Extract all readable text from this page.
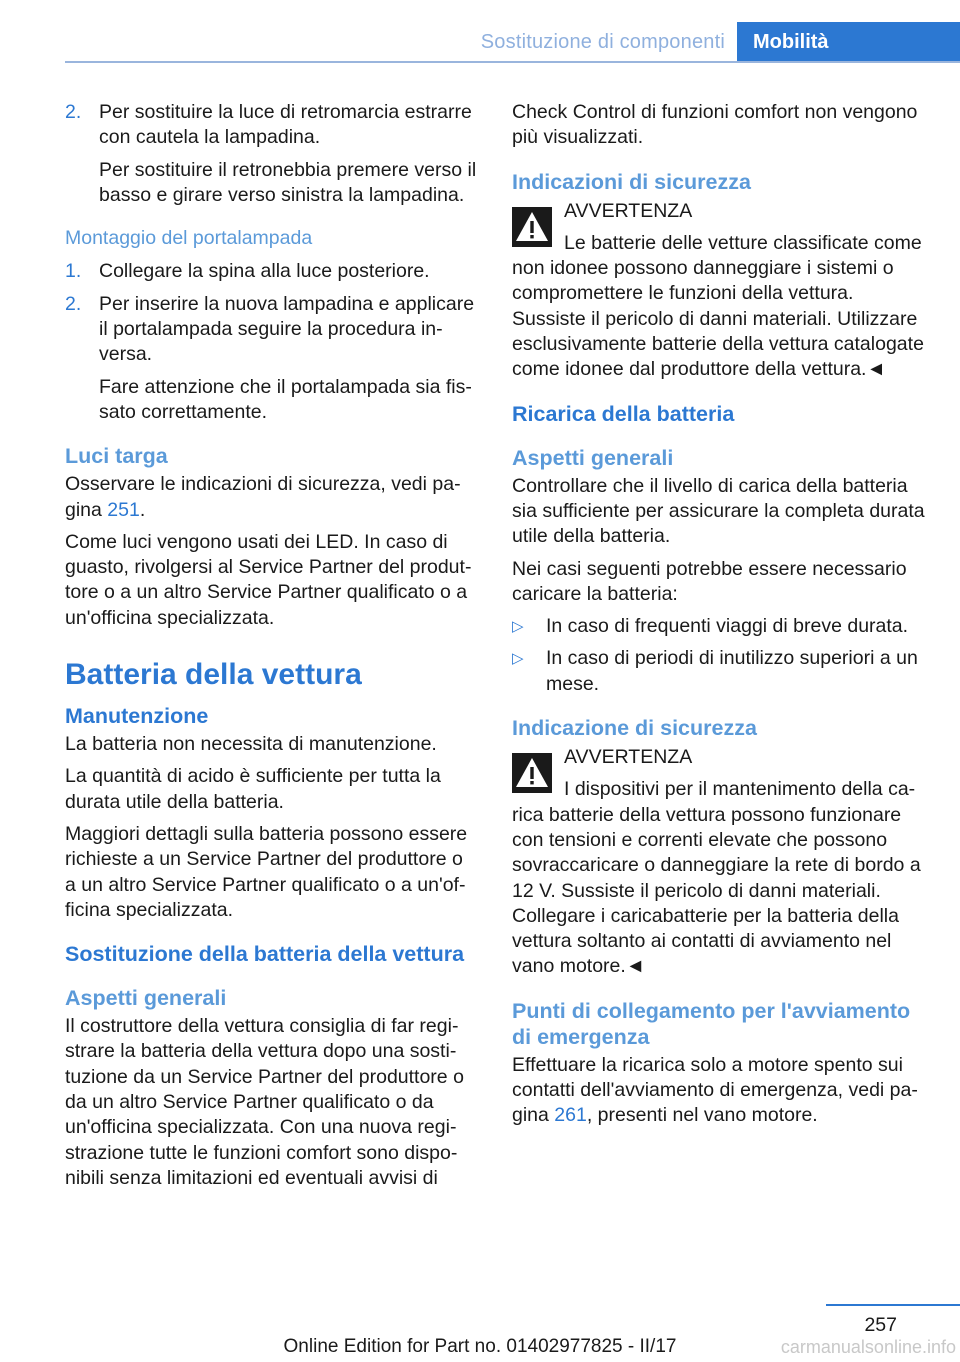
Sostituzione di componenti	Mobilità
2. Per sostituire la luce di retromarcia estrarre con cautela la lampadina.

Per sostituire il retronebbia premere verso il basso e girare verso sinistra la lampadina.

Montaggio del portalampada
1. Collegare la spina alla luce posteriore.

2. Per inserire la nuova lampadina e applicare il portalampada seguire la procedura inversa.

Fare attenzione che il portalampada sia fissato correttamente.

Luci targa

Osservare le indicazioni di sicurezza, vedi pagina 251.

Come luci vengono usati dei LED. In caso di guasto, rivolgersi al Service Partner del produttore o a un altro Service Partner qualificato o a un'officina specializzata.

Batteria della vettura
Manutenzione

La batteria non necessita di manutenzione.

La quantità di acido è sufficiente per tutta la durata utile della batteria.

Maggiori dettagli sulla batteria possono essere richieste a un Service Partner del produttore o a un altro Service Partner qualificato o a un'officina specializzata.

Sostituzione della batteria della vettura
Aspetti generali

Il costruttore della vettura consiglia di far registrare la batteria della vettura dopo una sostituzione da un Service Partner del produttore o da un altro Service Partner qualificato o da un'officina specializzata. Con una nuova registrazione tutte le funzioni comfort sono disponibili senza limitazioni ed eventuali avvisi di

Check Control di funzioni comfort non vengono più visualizzati.

Indicazioni di sicurezza
AVVERTENZA

Le batterie delle vetture classificate come non idonee possono danneggiare i sistemi o compromettere le funzioni della vettura. Sussiste il pericolo di danni materiali. Utilizzare esclusivamente batterie della vettura catalogate come idonee dal produttore della vettura.◄

Ricarica della batteria
Aspetti generali

Controllare che il livello di carica della batteria sia sufficiente per assicurare la completa durata utile della batteria.

Nei casi seguenti potrebbe essere necessario caricare la batteria:

▷ In caso di frequenti viaggi di breve durata.
▷ In caso di periodi di inutilizzo superiori a un mese.
Indicazione di sicurezza
AVVERTENZA

I dispositivi per il mantenimento della carica batterie della vettura possono funzionare con tensioni e correnti elevate che possono sovraccaricare o danneggiare la rete di bordo a 12 V. Sussiste il pericolo di danni materiali. Collegare i caricabatterie per la batteria della vettura soltanto ai contatti di avviamento nel vano motore.◄

Punti di collegamento per l'avviamento di emergenza

Effettuare la ricarica solo a motore spento sui contatti dell'avviamento di emergenza, vedi pagina 261, presenti nel vano motore.

257
Online Edition for Part no. 01402977825 - II/17	carmanualsonline.info
